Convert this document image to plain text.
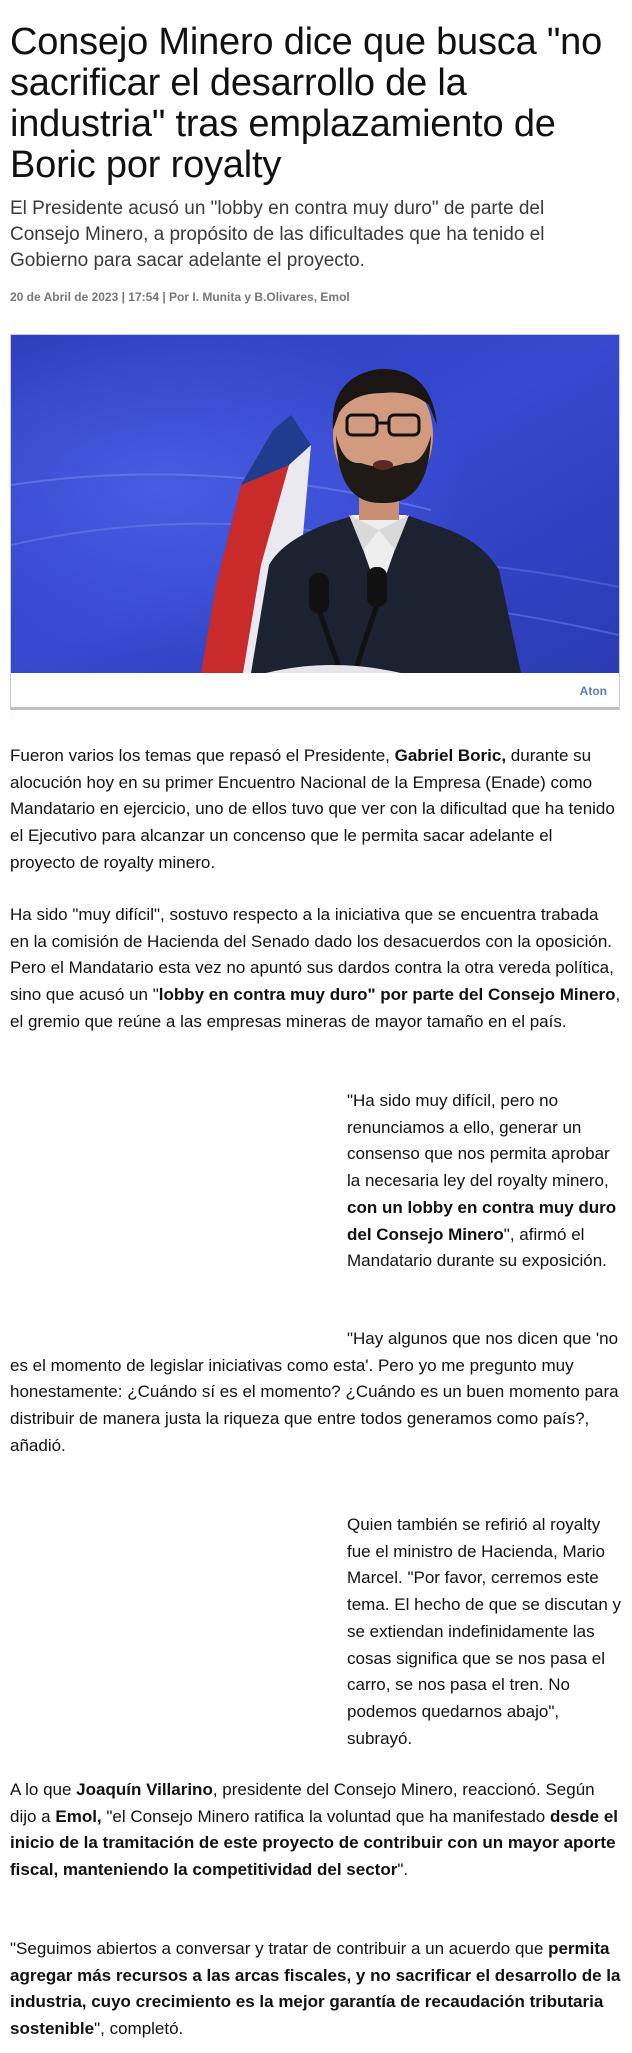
Consejo Minero dice que busca "no sacrificar el desarrollo de la industria" tras emplazamiento de Boric por royalty

El Presidente acusó un "lobby en contra muy duro" de parte del Consejo Minero, a propósito de las dificultades que ha tenido el Gobierno para sacar adelante el proyecto.

20 de Abril de 2023 | 17:54 | Por I. Munita y B.Olivares, Emol

Aton

Fueron varios los temas que repasó el Presidente, Gabriel Boric, durante su alocución hoy en su primer Encuentro Nacional de la Empresa (Enade) como Mandatario en ejercicio, uno de ellos tuvo que ver con la dificultad que ha tenido el Ejecutivo para alcanzar un concenso que le permita sacar adelante el proyecto de royalty minero.

Ha sido "muy difícil", sostuvo respecto a la iniciativa que se encuentra trabada en la comisión de Hacienda del Senado dado los desacuerdos con la oposición. Pero el Mandatario esta vez no apuntó sus dardos contra la otra vereda política, sino que acusó un "lobby en contra muy duro" por parte del Consejo Minero, el gremio que reúne a las empresas mineras de mayor tamaño en el país.

"Ha sido muy difícil, pero no renunciamos a ello, generar un consenso que nos permita aprobar la necesaria ley del royalty minero, con un lobby en contra muy duro del Consejo Minero", afirmó el Mandatario durante su exposición.

"Hay algunos que nos dicen que 'no es el momento de legislar iniciativas como esta'. Pero yo me pregunto muy honestamente: ¿Cuándo sí es el momento? ¿Cuándo es un buen momento para distribuir de manera justa la riqueza que entre todos generamos como país?, añadió.

Quien también se refirió al royalty fue el ministro de Hacienda, Mario Marcel. "Por favor, cerremos este tema. El hecho de que se discutan y se extiendan indefinidamente las cosas significa que se nos pasa el carro, se nos pasa el tren. No podemos quedarnos abajo", subrayó.

A lo que Joaquín Villarino, presidente del Consejo Minero, reaccionó. Según dijo a Emol, "el Consejo Minero ratifica la voluntad que ha manifestado desde el inicio de la tramitación de este proyecto de contribuir con un mayor aporte fiscal, manteniendo la competitividad del sector".

"Seguimos abiertos a conversar y tratar de contribuir a un acuerdo que permita agregar más recursos a las arcas fiscales, y no sacrificar el desarrollo de la industria, cuyo crecimiento es la mejor garantía de recaudación tributaria sostenible", completó.
